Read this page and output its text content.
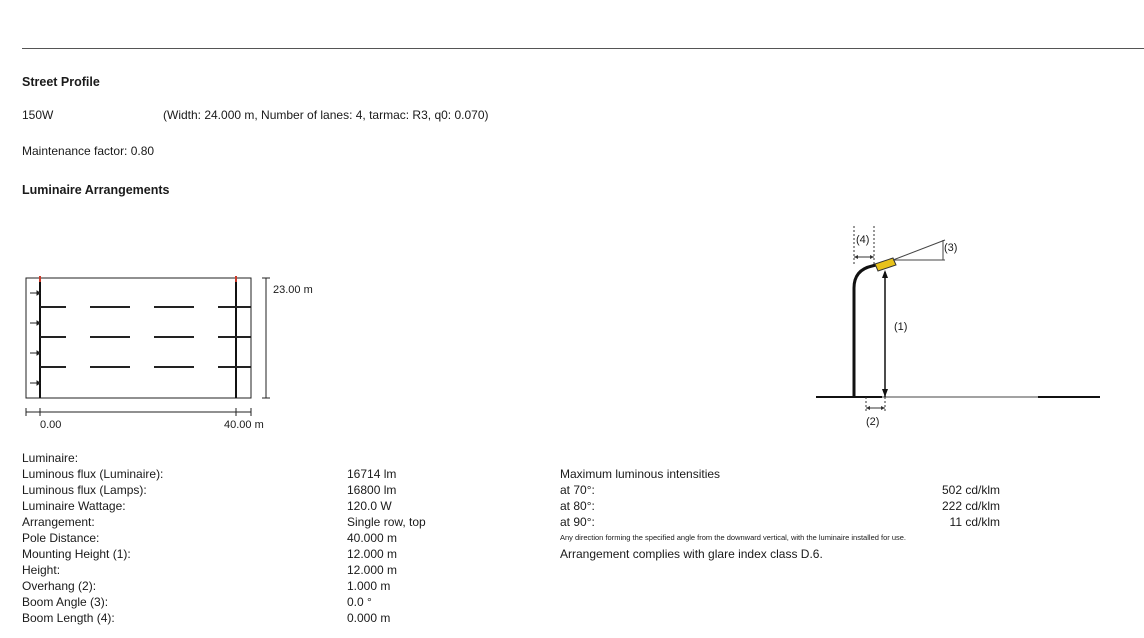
Street Profile
150W	(Width: 24.000 m, Number of lanes: 4, tarmac: R3, q0: 0.070)
Maintenance factor: 0.80
Luminaire Arrangements
23.00 m
0.00	40.00 m
(4)
(3)
(1)
(2)
Luminaire:
Luminous flux (Luminaire):	16714 lm
Luminous flux (Lamps):	16800 lm
Luminaire Wattage:	120.0 W
Arrangement:	Single row, top
Pole Distance:	40.000 m
Mounting Height (1):	12.000 m
Height:	12.000 m
Overhang (2):	1.000 m
Boom Angle (3):	0.0 °
Boom Length (4):	0.000 m
Maximum luminous intensities
at 70°:	502 cd/klm
at 80°:	222 cd/klm
at 90°:	11 cd/klm
Any direction forming the specified angle from the downward vertical, with the luminaire installed for use.
Arrangement complies with glare index class D.6.
